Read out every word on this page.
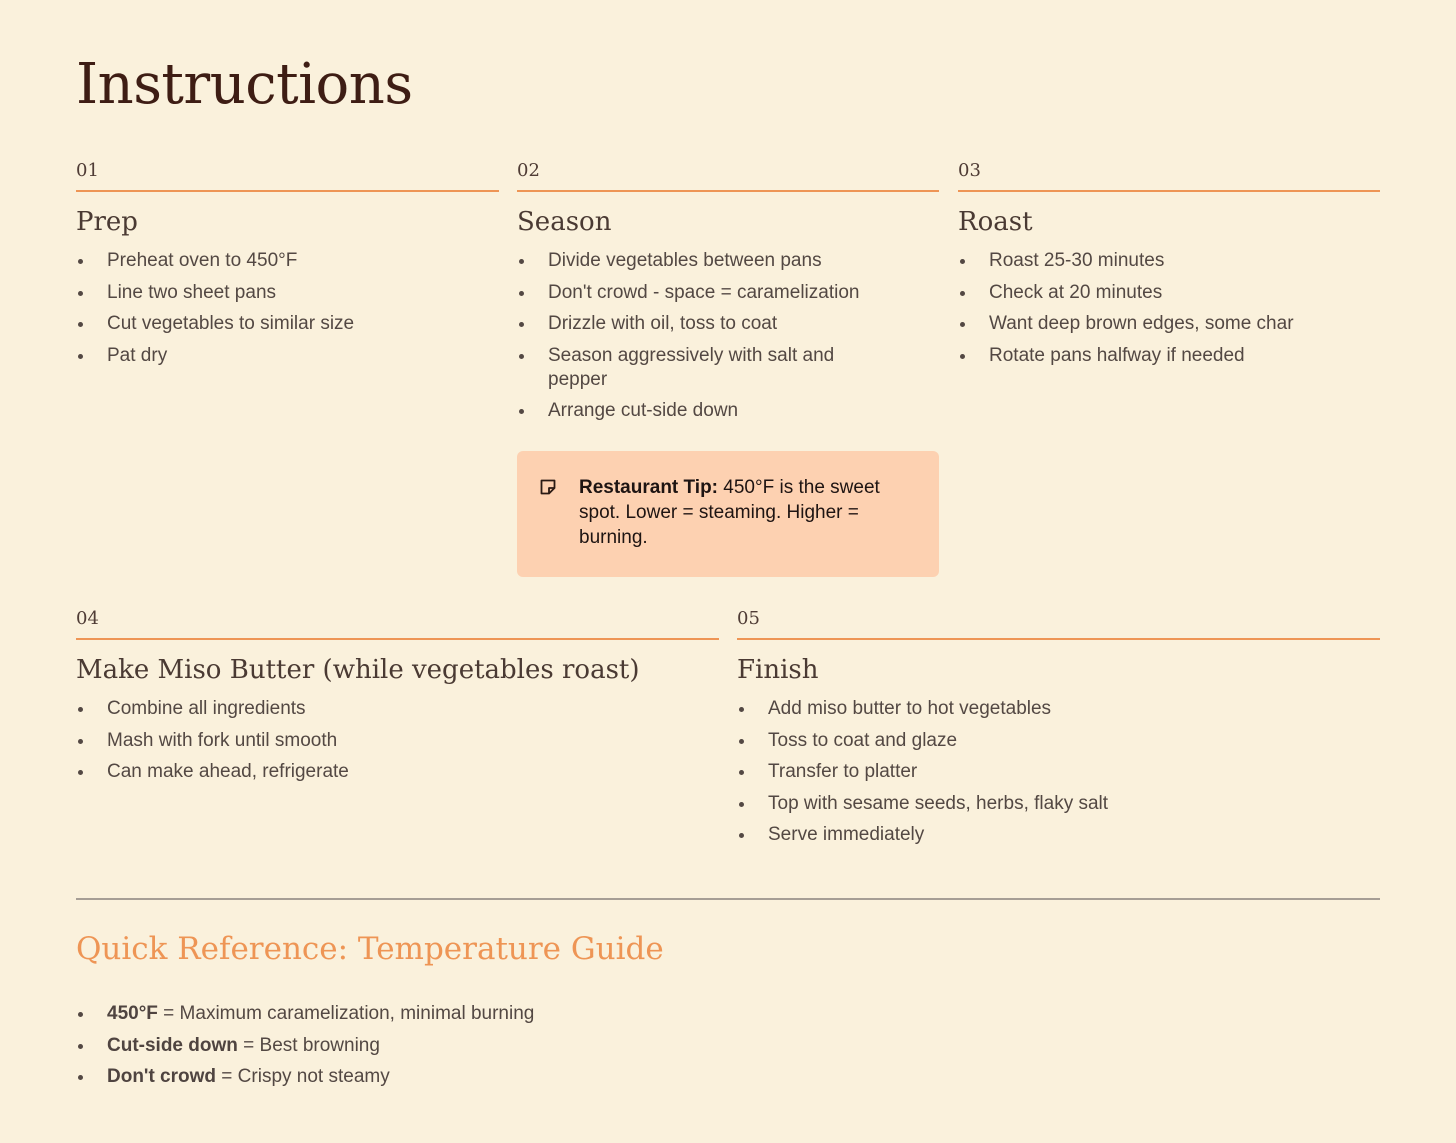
Instructions
01
Prep
Preheat oven to 450°F
Line two sheet pans
Cut vegetables to similar size
Pat dry
02
Season
Divide vegetables between pans
Don't crowd - space = caramelization
Drizzle with oil, toss to coat
Season aggressively with salt and pepper
Arrange cut-side down
03
Roast
Roast 25-30 minutes
Check at 20 minutes
Want deep brown edges, some char
Rotate pans halfway if needed
Restaurant Tip: 450°F is the sweet spot. Lower = steaming. Higher = burning.
04
Make Miso Butter (while vegetables roast)
Combine all ingredients
Mash with fork until smooth
Can make ahead, refrigerate
05
Finish
Add miso butter to hot vegetables
Toss to coat and glaze
Transfer to platter
Top with sesame seeds, herbs, flaky salt
Serve immediately
Quick Reference: Temperature Guide
450°F = Maximum caramelization, minimal burning
Cut-side down = Best browning
Don't crowd = Crispy not steamy
